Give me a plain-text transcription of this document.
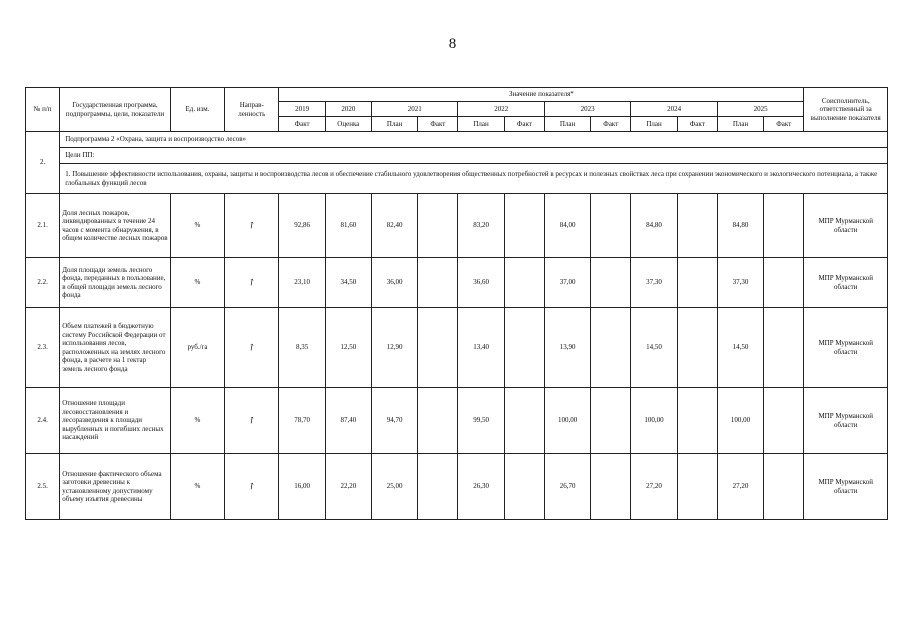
8
№ п/п	Государственная программа, подпрограммы, цели, показатели	Ед. изм.	Направ-ленность	Значение показателя*												Соисполнитель, ответственный за выполнение показателя
				2019	2020	2021		2022		2023		2024		2025		
				Факт	Оценка	План	Факт	План	Факт	План	Факт	План	Факт	План	Факт	
2.	Подпрограмма 2 «Охрана, защита и воспроизводство лесов»															
	Цели ПП:															
	1. Повышение эффективности использования, охраны, защиты и воспроизводства лесов и обеспечение стабильного удовлетворения общественных потребностей в ресурсах и полезных свойствах леса при сохранении экономического и экологического потенциала, а также глобальных функций лесов															
2.1.	Доля лесных пожаров, ликвидированных в течение 24 часов с момента обнаружения, в общем количестве лесных пожаров	%	↗	92,86	81,60	82,40		83,20		84,00		84,80		84,80		МПР Мурманской области
2.2.	Доля площади земель лесного фонда, переданных в пользование, в общей площади земель лесного фонда	%	↗	23,10	34,50	36,00		36,60		37,00		37,30		37,30		МПР Мурманской области
2.3.	Объем платежей в бюджетную систему Российской Федерации от использования лесов, расположенных на землях лесного фонда, в расчете на 1 гектар земель лесного фонда	руб./га	↗	8,35	12,50	12,90		13,40		13,90		14,50		14,50		МПР Мурманской области
2.4.	Отношение площади лесовосстановления и лесоразведения к площади вырубленных и погибших лесных насаждений	%	↗	78,70	87,40	94,70		99,50		100,00		100,00		100,00		МПР Мурманской области
2.5.	Отношение фактического объема заготовки древесины к установленному допустимому объему изъятия древесины	%	↗	16,00	22,20	25,00		26,30		26,70		27,20		27,20		МПР Мурманской области
